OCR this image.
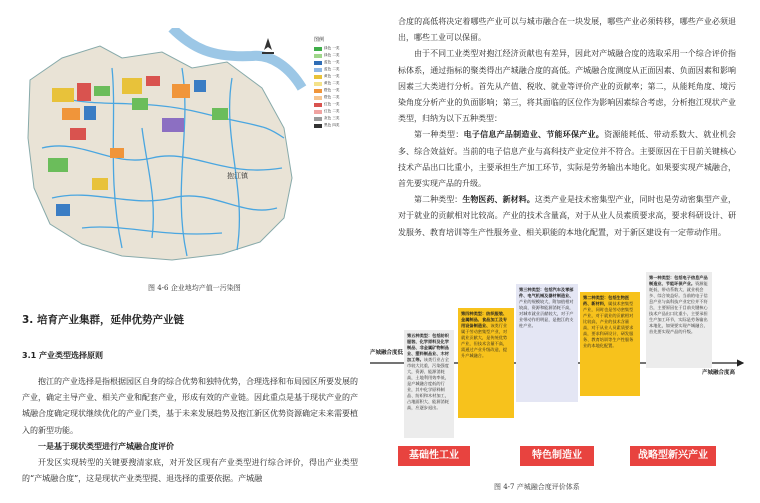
抱江镇
图例
绿色 一类
绿色 二类
蓝色 一类
蓝色 二类
黄色 一类
黄色 二类
橙色 一类
橙色 二类
红色 一类
红色 二类
灰色 三类
黑色 四类
图 4-6 企业地均产值一污染图
3. 培育产业集群，延伸优势产业链
3.1 产业类型选择原则

抱江的产业选择是指根据园区自身的综合优势和独特优势，合理选择和布局园区所要发展的产业，确定主导产业、相关产业和配套产业，形成有效的产业链。因此重点是基于现状产业的产城融合度确定现状继续优化的产业门类，基于未来发展趋势及抱江新区优势资源确定未来需要植入的新型功能。

一是基于现状类型进行产城融合度评价

开发区实现转型的关键要搜清家底，对开发区现有产业类型进行综合评价，得出产业类型的“产城融合度”，这是现状产业类型提、退选择的重要依据。产城融

合度的高低将决定着哪些产业可以与城市融合在一块发展，哪些产业必须转移，哪些产业必须退出，哪些工业可以保留。

由于不同工业类型对抱江经济贡献也有差异，因此对产城融合度的选取采用一个综合评价指标体系，通过指标的聚类得出产城融合度的高低。产城融合度测度从正面因素、负面因素和影响因素三大类进行分析。首先从产值、税收、就业等评价产业的贡献率；第二，从能耗角度、境污染角度分析产业的负面影响；第三，将其面临的区位作为影响因素综合考虑，分析抱江现状产业类型，归纳为以下五种类型：

第一种类型：电子信息产品制造业、节能环保产业。资源能耗低、带动系数大、就业机会多、综合效益好。当前的电子信息产业与高科技产业定位并不符合。主要原因在于目前关键核心技术产品出口比重小，主要承担生产加工环节，实际是劳务输出本地化。如果要实现产城融合，首先要实现产品的升级。

第二种类型：生物医药、新材料。这类产业是技术密集型产业，同时也是劳动密集型产业，对于就业的贡献相对比较高。产业的技术含量高，对于从业人员素质要求高，要求科研设计、研发服务、教育培训等生产性服务业、相关职能的本地化配置，对于新区建设有一定带动作用。

产城融合度低
产城融合度高
第五种类型：包括纺织服装、化学原料及化学制品、非金属矿物制品业、塑料制品业、木材加工等。该类行业占全市较大比重，污染强度大，资源、能源消耗高，土地利用效率低，是产城融合度低的行业，其中化学原料制品、纺织和木材加工，占地面积大、能源消耗高，应逐步退出。
第四种类型：纺织服装、金属制品、食品加工及专用设备制造业、该类行业属于劳动密集型产业，对就业贡献大，是传统优势产业，但技术含量不高，需通过产业升级改造，提升产城融合。
第三种类型：包括汽车及零部件、电气机械及器材制造业、产业的规模较大，附加值相对较高，资源和能源消耗不高，对城市就业贡献较大，对于产业带动作用明显，是抱江的支柱产业。
第二种类型：包括生物医药、新材料，属技术密集型产业，同时也是劳动密集型产业，对于就业的贡献相对比较高，产业的技术含量高，对于从业人员素质要求高，要求科研设计、研发服务、教育培训等生产性服务业的本地化配置。
第一种类型：包括电子信息产品制造业、节能环保产业。资源能耗低、带动系数大、就业机会多、综合效益好。当前的电子信息产业与高科技产业定位并不符合，主要原因在于目前关键核心技术产品出口比重小，主要承担生产加工环节，实际是劳务输出本地化，如果要实现产城融合，首先要实现产品的升级。
基础性工业	特色制造业	战略型新兴产业
图 4-7 产城融合度评价体系
